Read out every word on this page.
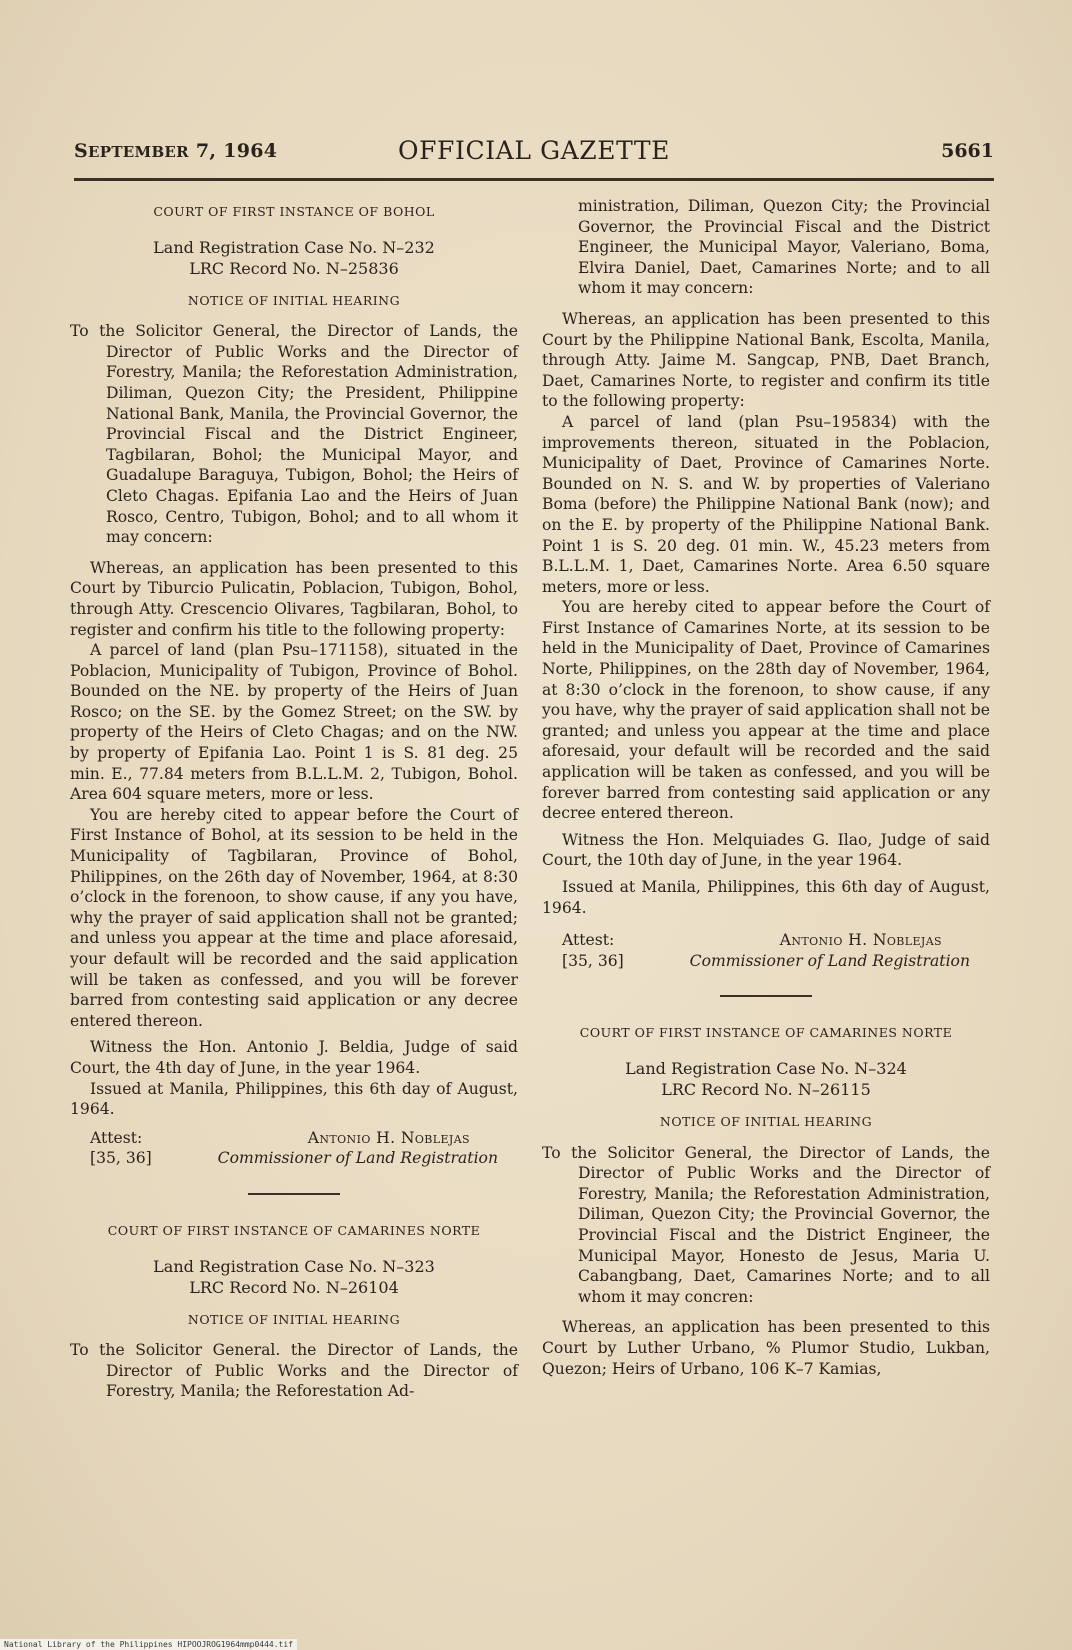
SEPTEMBER 7, 1964	OFFICIAL GAZETTE	5661
COURT OF FIRST INSTANCE OF BOHOL
Land Registration Case No. N–232
LRC Record No. N–25836
NOTICE OF INITIAL HEARING

To the Solicitor General, the Director of Lands, the Director of Public Works and the Director of Forestry, Manila; the Reforestation Administration, Diliman, Quezon City; the President, Philippine National Bank, Manila, the Provincial Governor, the Provincial Fiscal and the District Engineer, Tagbilaran, Bohol; the Municipal Mayor, and Guadalupe Baraguya, Tubigon, Bohol; the Heirs of Cleto Chagas. Epifania Lao and the Heirs of Juan Rosco, Centro, Tubigon, Bohol; and to all whom it may concern:

Whereas, an application has been presented to this Court by Tiburcio Pulicatin, Poblacion, Tubigon, Bohol, through Atty. Crescencio Olivares, Tagbilaran, Bohol, to register and confirm his title to the following property:

A parcel of land (plan Psu–171158), situated in the Poblacion, Municipality of Tubigon, Province of Bohol. Bounded on the NE. by property of the Heirs of Juan Rosco; on the SE. by the Gomez Street; on the SW. by property of the Heirs of Cleto Chagas; and on the NW. by property of Epifania Lao. Point 1 is S. 81 deg. 25 min. E., 77.84 meters from B.L.L.M. 2, Tubigon, Bohol. Area 604 square meters, more or less.

You are hereby cited to appear before the Court of First Instance of Bohol, at its session to be held in the Municipality of Tagbilaran, Province of Bohol, Philippines, on the 26th day of November, 1964, at 8:30 o’clock in the forenoon, to show cause, if any you have, why the prayer of said application shall not be granted; and unless you appear at the time and place aforesaid, your default will be recorded and the said application will be taken as confessed, and you will be forever barred from contesting said application or any decree entered thereon.

Witness the Hon. Antonio J. Beldia, Judge of said Court, the 4th day of June, in the year 1964.

Issued at Manila, Philippines, this 6th day of August, 1964.

Attest:	Antonio H. Noblejas
[35, 36]	Commissioner of Land Registration
COURT OF FIRST INSTANCE OF CAMARINES NORTE
Land Registration Case No. N–323
LRC Record No. N–26104
NOTICE OF INITIAL HEARING

To the Solicitor General. the Director of Lands, the Director of Public Works and the Director of Forestry, Manila; the Reforestation Ad-

ministration, Diliman, Quezon City; the Provincial Governor, the Provincial Fiscal and the District Engineer, the Municipal Mayor, Valeriano, Boma, Elvira Daniel, Daet, Camarines Norte; and to all whom it may concern:

Whereas, an application has been presented to this Court by the Philippine National Bank, Escolta, Manila, through Atty. Jaime M. Sangcap, PNB, Daet Branch, Daet, Camarines Norte, to register and confirm its title to the following property:

A parcel of land (plan Psu–195834) with the improvements thereon, situated in the Poblacion, Municipality of Daet, Province of Camarines Norte. Bounded on N. S. and W. by properties of Valeriano Boma (before) the Philippine National Bank (now); and on the E. by property of the Philippine National Bank. Point 1 is S. 20 deg. 01 min. W., 45.23 meters from B.L.L.M. 1, Daet, Camarines Norte. Area 6.50 square meters, more or less.

You are hereby cited to appear before the Court of First Instance of Camarines Norte, at its session to be held in the Municipality of Daet, Province of Camarines Norte, Philippines, on the 28th day of November, 1964, at 8:30 o’clock in the forenoon, to show cause, if any you have, why the prayer of said application shall not be granted; and unless you appear at the time and place aforesaid, your default will be recorded and the said application will be taken as confessed, and you will be forever barred from contesting said application or any decree entered thereon.

Witness the Hon. Melquiades G. Ilao, Judge of said Court, the 10th day of June, in the year 1964.

Issued at Manila, Philippines, this 6th day of August, 1964.

Attest:	Antonio H. Noblejas
[35, 36]	Commissioner of Land Registration
COURT OF FIRST INSTANCE OF CAMARINES NORTE
Land Registration Case No. N–324
LRC Record No. N–26115
NOTICE OF INITIAL HEARING

To the Solicitor General, the Director of Lands, the Director of Public Works and the Director of Forestry, Manila; the Reforestation Administration, Diliman, Quezon City; the Provincial Governor, the Provincial Fiscal and the District Engineer, the Municipal Mayor, Honesto de Jesus, Maria U. Cabangbang, Daet, Camarines Norte; and to all whom it may concren:

Whereas, an application has been presented to this Court by Luther Urbano, % Plumor Studio, Lukban, Quezon; Heirs of Urbano, 106 K–7 Kamias,

National Library of the Philippines HIPOOJROG1964mmp0444.tif
